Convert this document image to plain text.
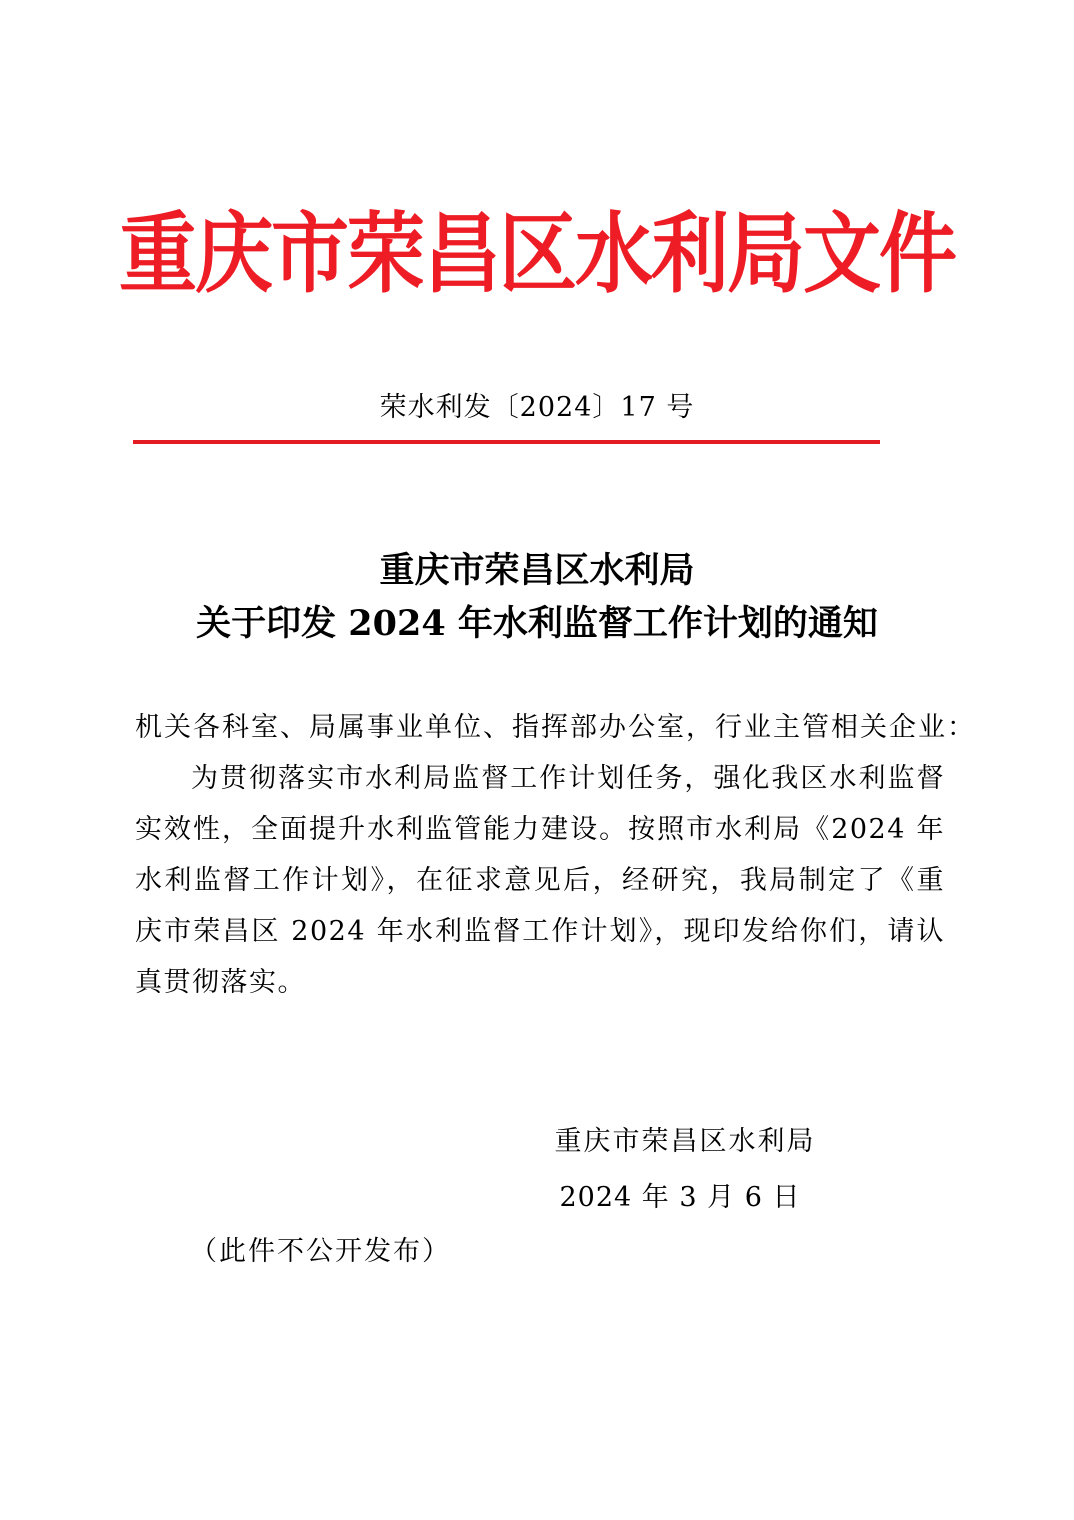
重庆市荣昌区水利局文件
荣水利发〔2024〕17 号
重庆市荣昌区水利局
关于印发 2024 年水利监督工作计划的通知
机关各科室、局属事业单位、指挥部办公室，行业主管相关企业：
为贯彻落实市水利局监督工作计划任务，强化我区水利监督实效性，全面提升水利监管能力建设。按照市水利局《2024 年水利监督工作计划》，在征求意见后，经研究，我局制定了《重庆市荣昌区 2024 年水利监督工作计划》，现印发给你们，请认真贯彻落实。
重庆市荣昌区水利局
2024 年 3 月 6 日
（此件不公开发布）
